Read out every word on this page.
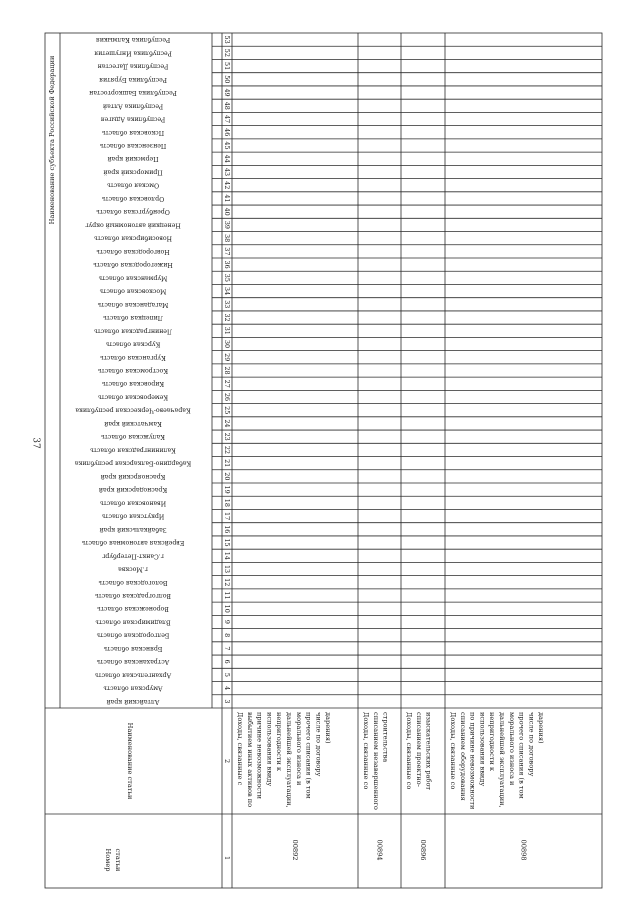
37
Алтайский край	3
Амурская область	4
Архангельская область	5
Астраханская область	6
Брянская область	7
Белгородская область	8
Владимирская область	9
Воронежская область	10
Волгоградская область	11
Вологодская область	12
г.Москва	13
г.Санкт-Петербург	14
Еврейская автономная область	15
Забайкальский край	16
Иркутская область	17
Ивановская область	18
Краснодарский край	19
Красноярский край	20
Кабардино-Балкарская республика	21
Калининградская область	22
Калужская область	23
Камчатский край	24
Карачаево-Черкесская республика	25
Кемеровская область	26
Кировская область	27
Костромская область	28
Курганская область	29
Курская область	30
Ленинградская область	31
Липецкая область	32
Магаданская область	33
Московская область	34
Мурманская область	35
Нижегородская область	36
Новгородская область	37
Новосибирская область	38
Ненецкий автономный округ	39
Оренбургская область	40
Орловская область	41
Омская область	42
Приморский край	43
Пермский край	44
Пензенская область	45
Псковская область	46
Республика Адыгея	47
Республика Алтай	48
Республика Башкортостан	49
Республика Бурятия	50
Республика Дагестан	51
Республика Ингушетия	52
Республика Калмыкия	53
Наименование субъекта Российской Федерации
Наименование статьи
Номер статьи
2
1
Доходы, связанные с выбытием иных активов по причине невозможности использования ввиду непригодности к дальнейшей эксплуатации, морального износа и прочего списания (в том числе по договору дарения)
00892
Доходы, связанные со списанием незавершенного строительства
00894
Доходы, связанные со списанием проектно- изыскательских работ
00896
Доходы, связанные со списанием оборудования по причине невозможности использования ввиду непригодности к дальнейшей эксплуатации, морального износа и прочего списания (в том числе по договору дарения)
00898
